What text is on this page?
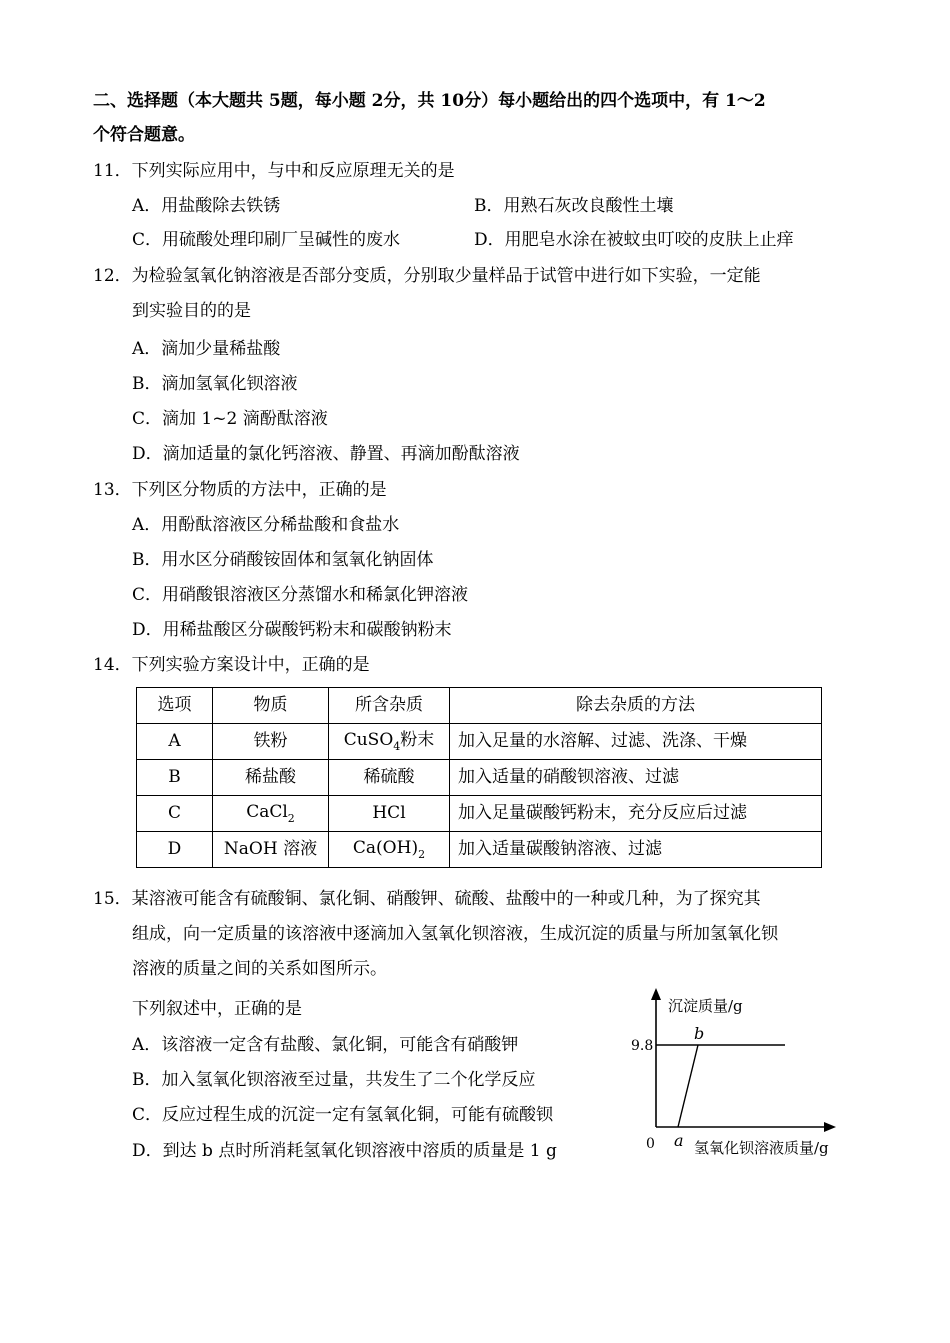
二、选择题（本大题共 5题，每小题 2分，共 10分）每小题给出的四个选项中，有 1～2
个符合题意。
11．下列实际应用中，与中和反应原理无关的是
A．用盐酸除去铁锈	B．用熟石灰改良酸性土壤
C．用硫酸处理印刷厂呈碱性的废水	D．用肥皂水涂在被蚊虫叮咬的皮肤上止痒
12．为检验氢氧化钠溶液是否部分变质，分别取少量样品于试管中进行如下实验，一定能
到实验目的的是
A．滴加少量稀盐酸
B．滴加氢氧化钡溶液
C．滴加 1~2 滴酚酞溶液
D．滴加适量的氯化钙溶液、静置、再滴加酚酞溶液
13．下列区分物质的方法中，正确的是
A．用酚酞溶液区分稀盐酸和食盐水
B．用水区分硝酸铵固体和氢氧化钠固体
C．用硝酸银溶液区分蒸馏水和稀氯化钾溶液
D．用稀盐酸区分碳酸钙粉末和碳酸钠粉末
14．下列实验方案设计中，正确的是
选项	物质	所含杂质	除去杂质的方法
A	铁粉	CuSO$_4$粉末	加入足量的水溶解、过滤、洗涤、干燥
B	稀盐酸	稀硫酸	加入适量的硝酸钡溶液、过滤
C	CaCl$_2$	HCl	加入足量碳酸钙粉末，充分反应后过滤
D	NaOH 溶液	$Ca(OH)_2$	加入适量碳酸钠溶液、过滤
15．某溶液可能含有硫酸铜、氯化铜、硝酸钾、硫酸、盐酸中的一种或几种，为了探究其
组成，向一定质量的该溶液中逐滴加入氢氧化钡溶液，生成沉淀的质量与所加氢氧化钡
溶液的质量之间的关系如图所示。
下列叙述中，正确的是
A．该溶液一定含有盐酸、氯化铜，可能含有硝酸钾
B．加入氢氧化钡溶液至过量，共发生了二个化学反应
C．反应过程生成的沉淀一定有氢氧化铜，可能有硫酸钡
D．到达 b 点时所消耗氢氧化钡溶液中溶质的质量是 1 g
沉淀质量/g
9.8
0 a
b
氢氧化钡溶液质量/g
